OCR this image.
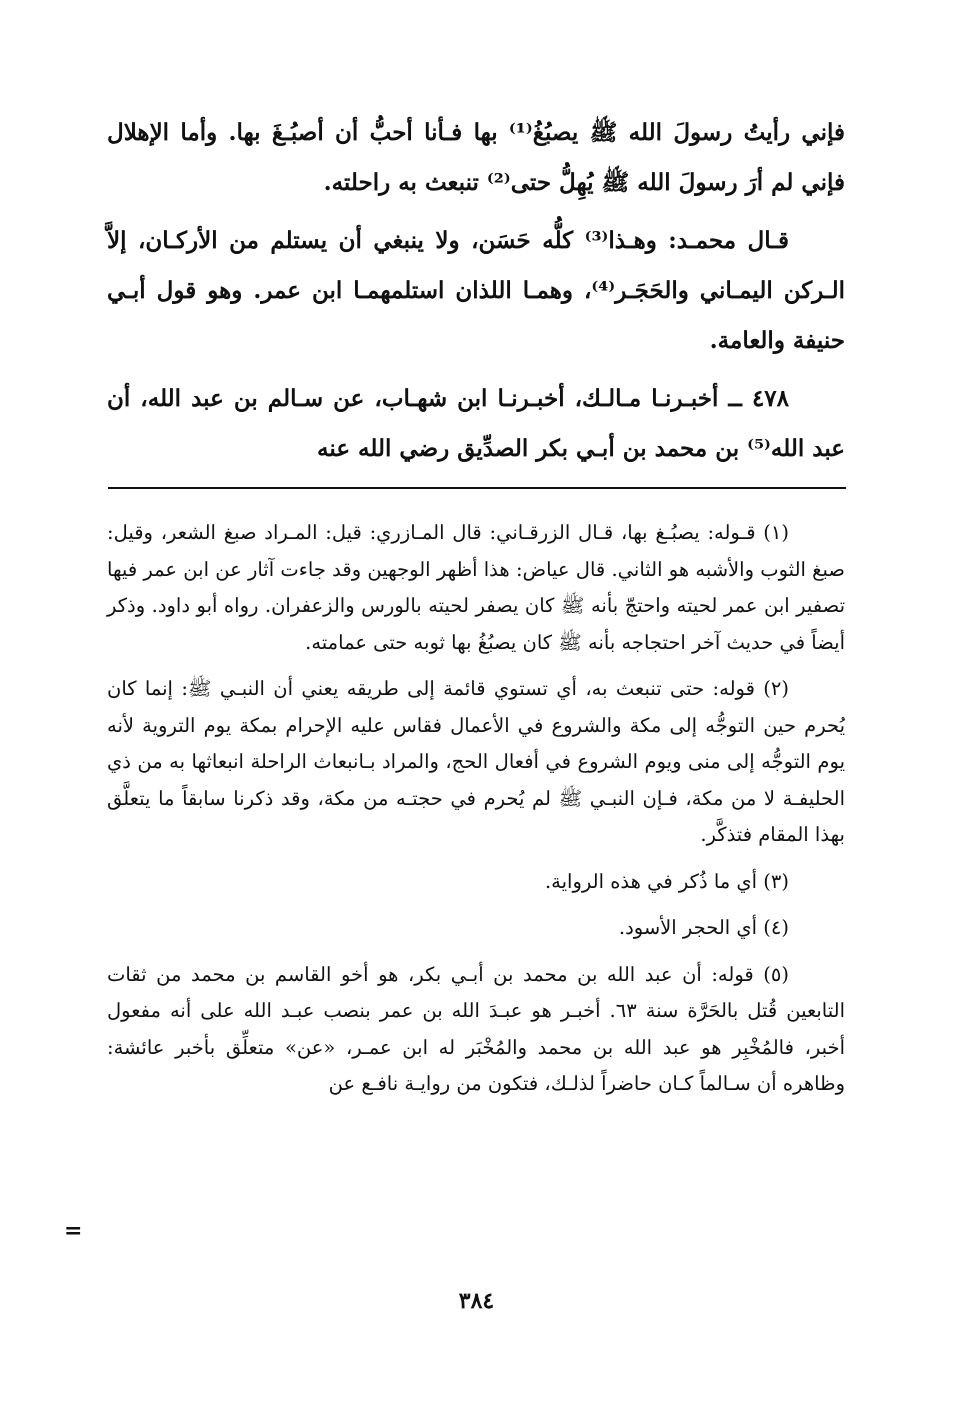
فإني رأيتُ رسولَ الله ﷺ يصبُغُ⁽¹⁾ بها فـأنا أحبُّ أن أصبُـغَ بها. وأما الإهلال فإني لم أرَ رسولَ الله ﷺ يُهِلُّ حتى⁽²⁾ تنبعث به راحلته.

قـال محمـد: وهـذا⁽³⁾ كلُّه حَسَن، ولا ينبغي أن يستلم من الأركـان، إلاَّ الـركن اليمـاني والحَجَـر⁽⁴⁾، وهمـا اللذان استلمهمـا ابن عمر. وهو قول أبـي حنيفة والعامة.

٤٧٨ ــ أخبـرنـا مـالـك، أخبـرنـا ابن شهـاب، عن سـالم بن عبد الله، أن عبد الله⁽⁵⁾ بن محمد بن أبـي بكر الصدِّيق رضي الله عنه

(١) قـوله: يصبُـغ بها، قـال الزرقـاني: قال المـازري: قيل: المـراد صبغ الشعر، وقيل: صبغ الثوب والأشبه هو الثاني. قال عياض: هذا أظهر الوجهين وقد جاءت آثار عن ابن عمر فيها تصفير ابن عمر لحيته واحتجّ بأنه ﷺ كان يصفر لحيته بالورس والزعفران. رواه أبو داود. وذكر أيضاً في حديث آخر احتجاجه بأنه ﷺ كان يصبُغُ بها ثوبه حتى عمامته.

(٢) قوله: حتى تنبعث به، أي تستوي قائمة إلى طريقه يعني أن النبـي ﷺ: إنما كان يُحرم حين التوجُّه إلى مكة والشروع في الأعمال فقاس عليه الإحرام بمكة يوم التروية لأنه يوم التوجُّه إلى منى ويوم الشروع في أفعال الحج، والمراد بـانبعاث الراحلة انبعاثها به من ذي الحليفـة لا من مكة، فـإن النبـي ﷺ لم يُحرم في حجتـه من مكة، وقد ذكرنا سابقاً ما يتعلَّق بهذا المقام فتذكَّر.

(٣) أي ما ذُكر في هذه الرواية.

(٤) أي الحجر الأسود.

(٥) قوله: أن عبد الله بن محمد بن أبـي بكر، هو أخو القاسم بن محمد من ثقات التابعين قُتل بالحَرَّة سنة ٦٣. أخبـر هو عبـدَ الله بن عمر بنصب عبـد الله على أنه مفعول أخبر، فالمُخْبِر هو عبد الله بن محمد والمُخْبَر له ابن عمـر، «عن» متعلِّق بأخبر عائشة: وظاهره أن سـالماً كـان حاضراً لذلـك، فتكون من روايـة نافـع عن

=
٣٨٤
